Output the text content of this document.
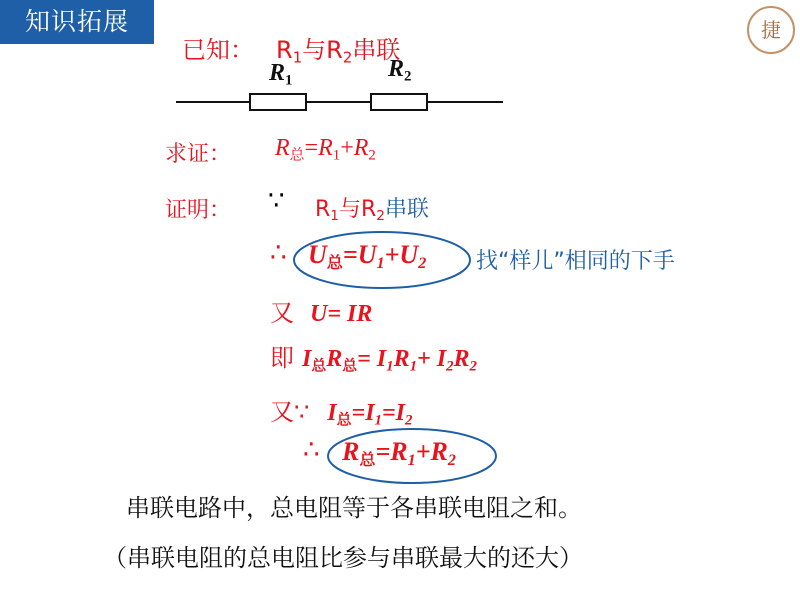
知识拓展	捷
已知： R1与R2串联
R1	R2
求证： R总=R1+R2
证明： ∵ R1与R2串联
∴ U总=U1+U2 找“样儿”相同的下手
又 U= IR
即 I总R总= I1R1+ I2R2
又∵ I总=I1=I2
∴ R总=R1+R2
串联电路中，总电阻等于各串联电阻之和。
（串联电阻的总电阻比参与串联最大的还大）
